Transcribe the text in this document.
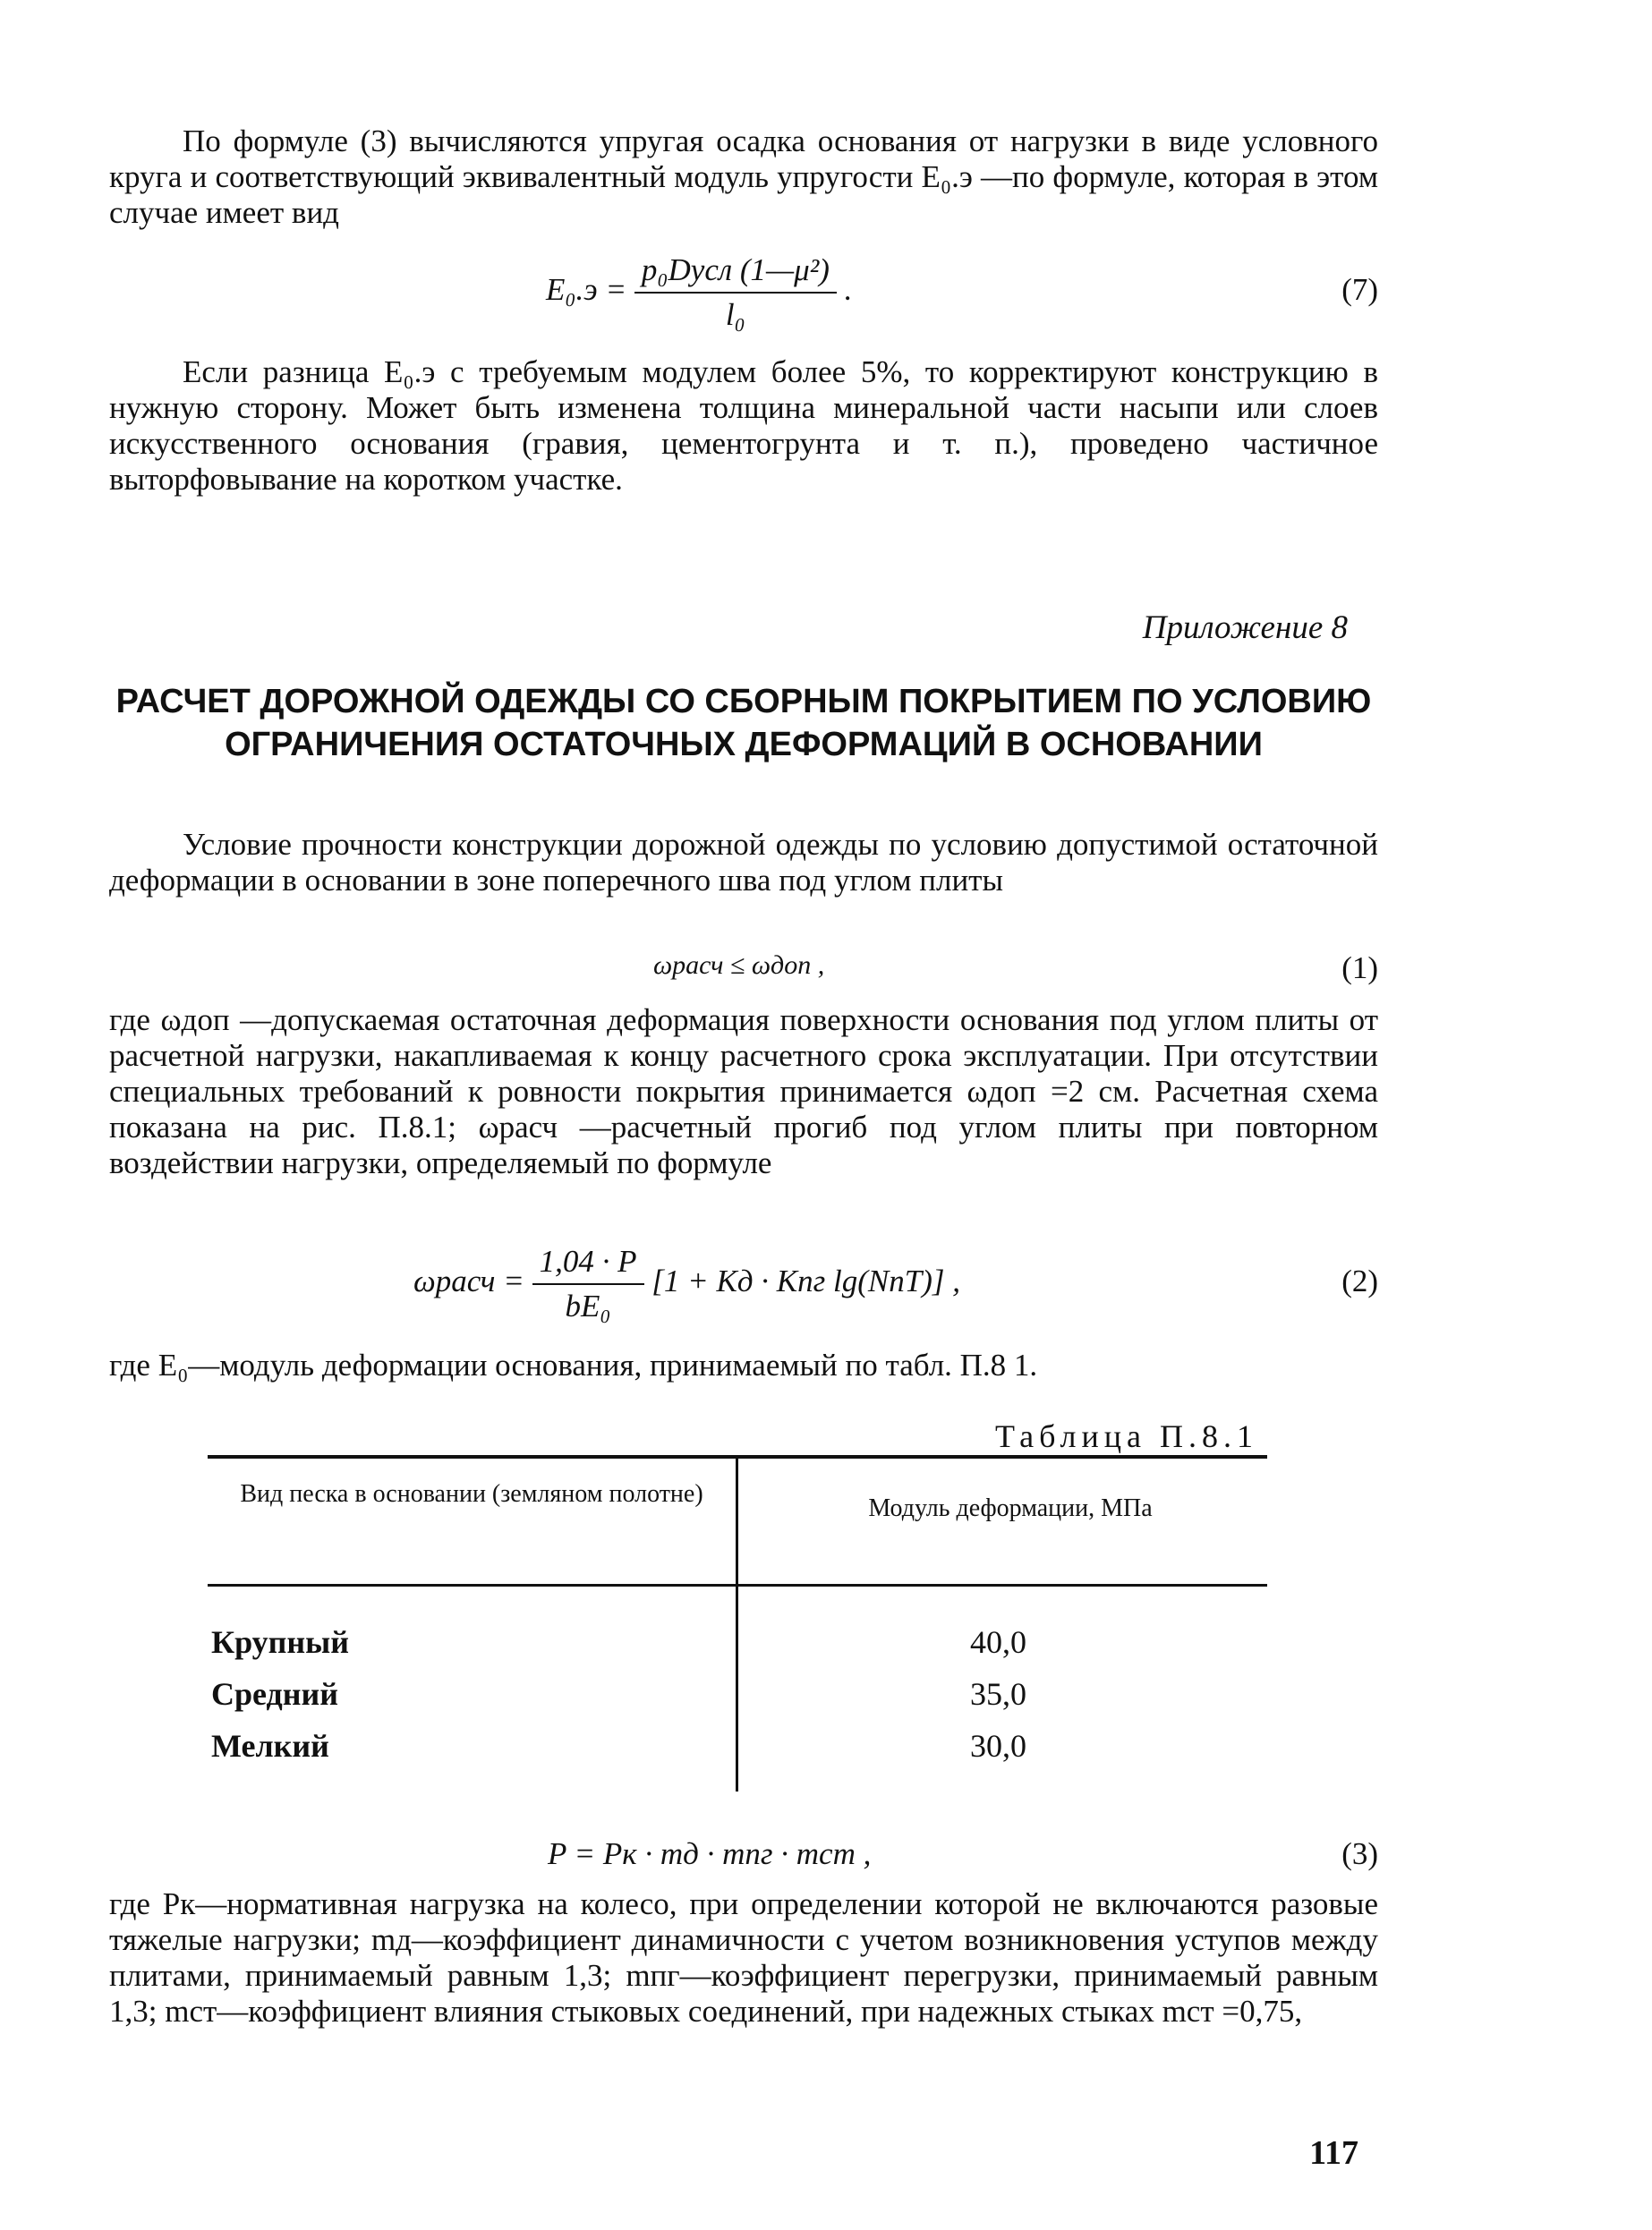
По формуле (3) вычисляются упругая осадка основания от нагрузки в виде условного круга и соответствующий эквивалентный модуль упругости E₀.э —по формуле, которая в этом случае имеет вид
$E_0.э = \frac{\text{p₀Dусл (1—μ²)}}{\text{l₀}}$ .	(7)
Если разница E₀.э с требуемым модулем более 5%, то корректируют конструкцию в нужную сторону. Может быть изменена толщина минеральной части насыпи или слоев искусственного основания (гравия, цементогрунта и т. п.), проведено частичное выторфовывание на коротком участке.
Приложение 8
РАСЧЕТ ДОРОЖНОЙ ОДЕЖДЫ СО СБОРНЫМ ПОКРЫТИЕМ ПО УСЛОВИЮ ОГРАНИЧЕНИЯ ОСТАТОЧНЫХ ДЕФОРМАЦИЙ В ОСНОВАНИИ
Условие прочности конструкции дорожной одежды по условию допустимой остаточной деформации в основании в зоне поперечного шва под углом плиты
ωрасч ≤ ωдоп ,	(1)
где ωдоп —допускаемая остаточная деформация поверхности основания под углом плиты от расчетной нагрузки, накапливаемая к концу расчетного срока эксплуатации. При отсутствии специальных требований к ровности покрытия принимается ωдоп =2 см. Расчетная схема показана на рис. П.8.1; ωрасч —расчетный прогиб под углом плиты при повторном воздействии нагрузки, определяемый по формуле
ωрасч = $\frac{1,04 \cdot P}{\text{bE₀}} [1$ + Kд · Kпг lg(NnT)] ,	(2)
где E₀—модуль деформации основания, принимаемый по табл. П.8 1.
Таблица П.8.1
Вид песка в основании (земляном полотне)
Модуль деформации, МПа
Крупный	40,0
Средний	35,0
Мелкий	30,0
P = Pк · mд · mпг · mст ,	(3)
где Pк—нормативная нагрузка на колесо, при определении которой не включаются разовые тяжелые нагрузки; mд—коэффициент динамичности с учетом возникновения уступов между плитами, принимаемый равным 1,3; mпг—коэффициент перегрузки, принимаемый равным 1,3; mст—коэффициент влияния стыковых соединений, при надежных стыках mст =0,75,
117
